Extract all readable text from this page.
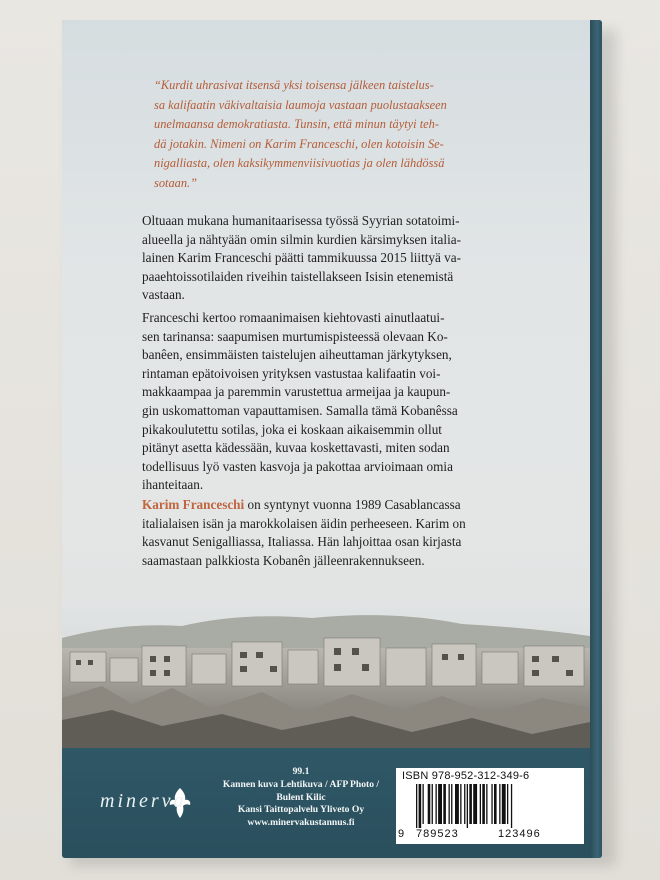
“Kurdit uhrasivat itsensä yksi toisensa jälkeen taistelus-
sa kalifaatin väkivaltaisia laumoja vastaan puolustaakseen
unelmaansa demokratiasta. Tunsin, että minun täytyi teh-
dä jotakin. Nimeni on Karim Franceschi, olen kotoisin Se-
nigalliasta, olen kaksikymmenviisivuotias ja olen lähdössä
sotaan.”

Oltuaan mukana humanitaarisessa työssä Syyrian sotatoimi-
alueella ja nähtyään omin silmin kurdien kärsimyksen italia-
lainen Karim Franceschi päätti tammikuussa 2015 liittyä va-
paaehtoissotilaiden riveihin taistellakseen Isisin etenemistä
vastaan.

Franceschi kertoo romaanimaisen kiehtovasti ainutlaatui-
sen tarinansa: saapumisen murtumispisteessä olevaan Ko-
banêen, ensimmäisten taistelujen aiheuttaman järkytyksen,
rintaman epätoivoisen yrityksen vastustaa kalifaatin voi-
makkaampaa ja paremmin varustettua armeijaa ja kaupun-
gin uskomattoman vapauttamisen. Samalla tämä Kobanêssa
pikakoulutettu sotilas, joka ei koskaan aikaisemmin ollut
pitänyt asetta kädessään, kuvaa koskettavasti, miten sodan
todellisuus lyö vasten kasvoja ja pakottaa arvioimaan omia
ihanteitaan.

Karim Franceschi on syntynyt vuonna 1989 Casablancassa
italialaisen isän ja marokkolaisen äidin perheeseen. Karim on
kasvanut Senigalliassa, Italiassa. Hän lahjoittaa osan kirjasta
saamastaan palkkiosta Kobanên jälleenrakennukseen.

minerva
99.1
Kannen kuva Lehtikuva / AFP Photo /
Bulent Kilic
Kansi Taittopalvelu Yliveto Oy
www.minervakustannus.fi
ISBN 978-952-312-349-6
9 789523	123496
